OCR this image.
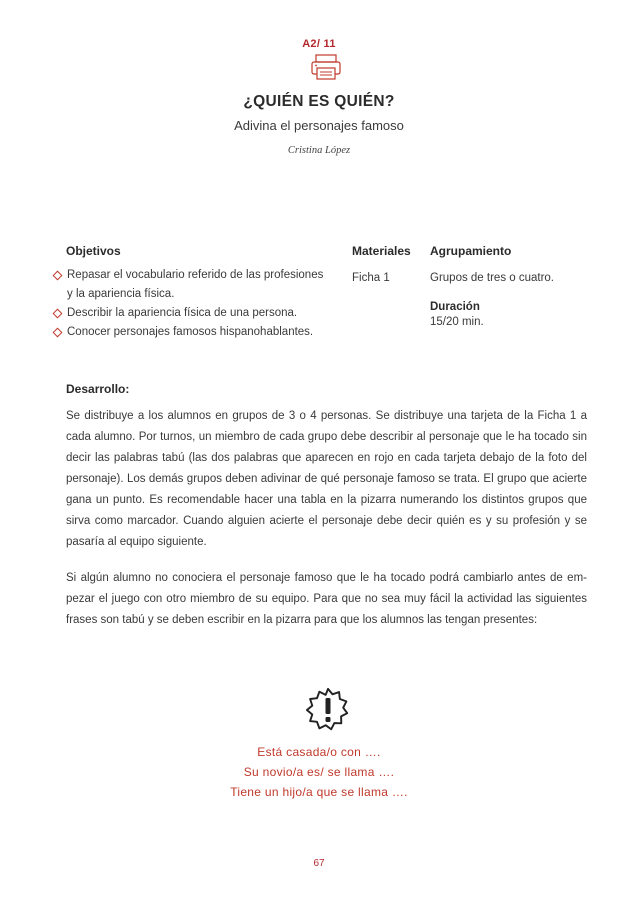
A2/ 11
¿QUIÉN ES QUIÉN?
Adivina el personajes famoso
Cristina López
Objetivos	Materiales Agrupamiento
Repasar el vocabulario referido de las profesiones
y la apariencia física.
Describir la apariencia física de una persona.
Conocer personajes famosos hispanohablantes.
Ficha 1	Grupos de tres o cuatro.
Duración
15/20 min.
Desarrollo:

Se distribuye a los alumnos en grupos de 3 o 4 personas. Se distribuye una tarjeta de la Ficha 1 a cada alumno. Por turnos, un miembro de cada grupo debe describir al personaje que le ha tocado sin decir las palabras tabú (las dos palabras que aparecen en rojo en cada tarjeta debajo de la foto del personaje). Los demás grupos deben adivinar de qué personaje famoso se trata. El grupo que acierte gana un punto. Es recomendable hacer una tabla en la pizarra numerando los distintos grupos que sirva como marcador. Cuando alguien acierte el personaje debe decir quién es y su profesión y se pasaría al equipo siguiente.

Si algún alumno no conociera el personaje famoso que le ha tocado podrá cambiarlo antes de empezar el juego con otro miembro de su equipo. Para que no sea muy fácil la actividad las siguientes frases son tabú y se deben escribir en la pizarra para que los alumnos las tengan presentes:

Está casada/o con ….
Su novio/a es/ se llama ….
Tiene un hijo/a que se llama ….
67
